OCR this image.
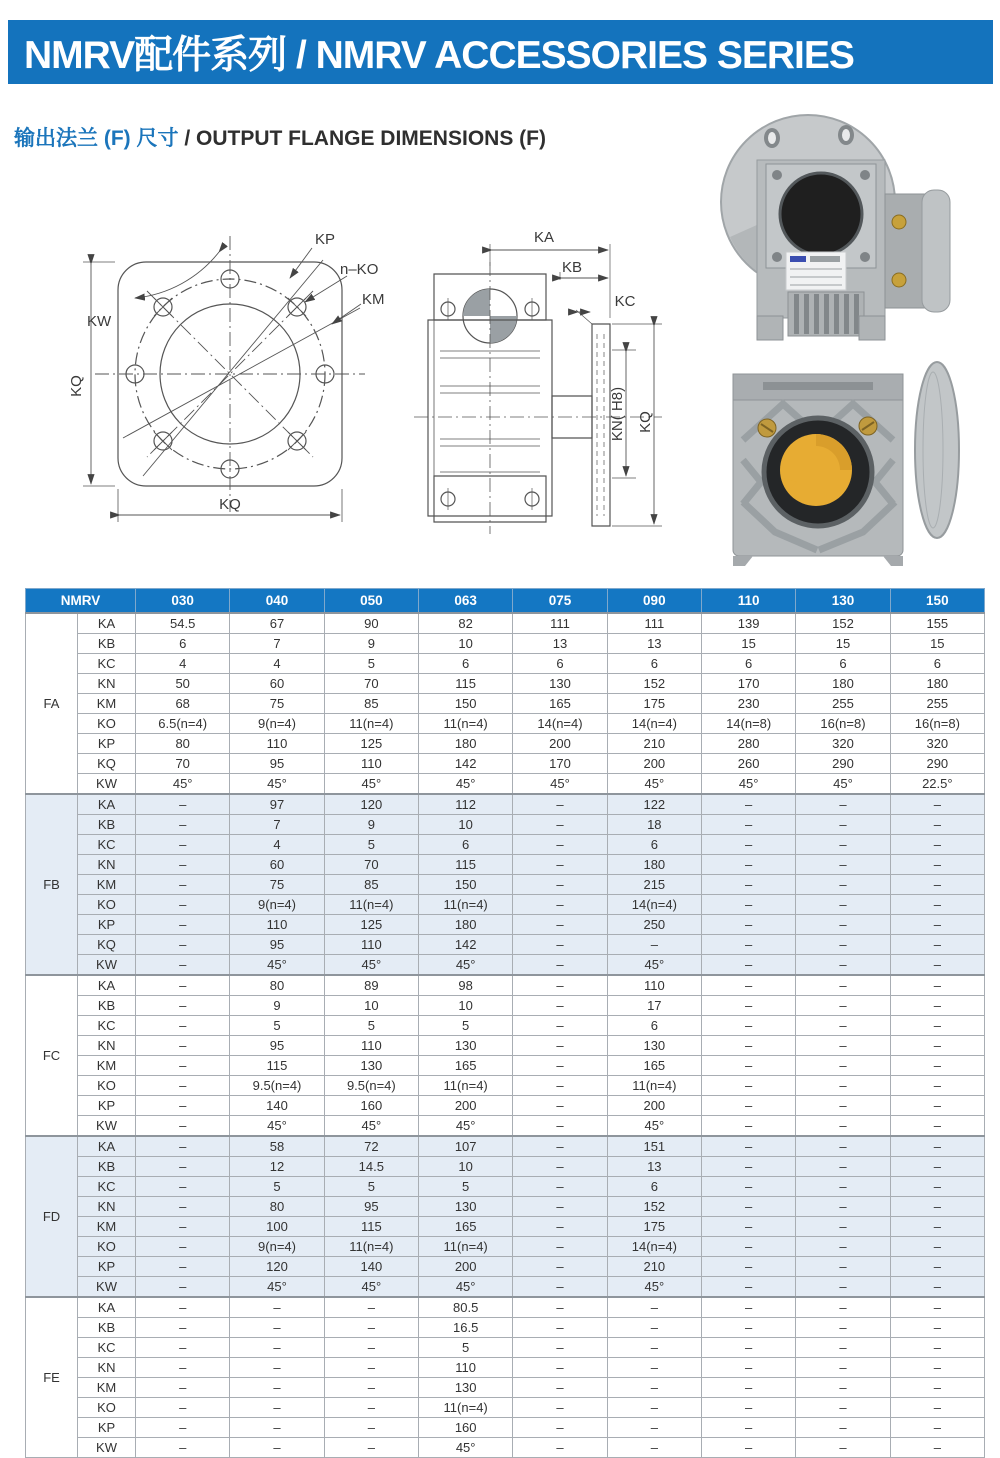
NMRV配件系列 / NMRV ACCESSORIES SERIES
输出法兰 (F) 尺寸 / OUTPUT FLANGE DIMENSIONS (F)
KP
n–KO
KM
KW
KQ
KQ
KA
KB
KC
KN( H8) KQ
NMRV		030	040	050	063	075	090	110	130	150
FA	KA	54.5	67	90	82	111	111	139	152	155
	KB	6	7	9	10	13	13	15	15	15
	KC	4	4	5	6	6	6	6	6	6
	KN	50	60	70	115	130	152	170	180	180
	KM	68	75	85	150	165	175	230	255	255
	KO	6.5(n=4)	9(n=4)	11(n=4)	11(n=4)	14(n=4)	14(n=4)	14(n=8)	16(n=8)	16(n=8)
	KP	80	110	125	180	200	210	280	320	320
	KQ	70	95	110	142	170	200	260	290	290
	KW	45°	45°	45°	45°	45°	45°	45°	45°	22.5°
FB	KA	–	97	120	112	–	122	–	–	–
	KB	–	7	9	10	–	18	–	–	–
	KC	–	4	5	6	–	6	–	–	–
	KN	–	60	70	115	–	180	–	–	–
	KM	–	75	85	150	–	215	–	–	–
	KO	–	9(n=4)	11(n=4)	11(n=4)	–	14(n=4)	–	–	–
	KP	–	110	125	180	–	250	–	–	–
	KQ	–	95	110	142	–	–	–	–	–
	KW	–	45°	45°	45°	–	45°	–	–	–
FC	KA	–	80	89	98	–	110	–	–	–
	KB	–	9	10	10	–	17	–	–	–
	KC	–	5	5	5	–	6	–	–	–
	KN	–	95	110	130	–	130	–	–	–
	KM	–	115	130	165	–	165	–	–	–
	KO	–	9.5(n=4)	9.5(n=4)	11(n=4)	–	11(n=4)	–	–	–
	KP	–	140	160	200	–	200	–	–	–
	KW	–	45°	45°	45°	–	45°	–	–	–
FD	KA	–	58	72	107	–	151	–	–	–
	KB	–	12	14.5	10	–	13	–	–	–
	KC	–	5	5	5	–	6	–	–	–
	KN	–	80	95	130	–	152	–	–	–
	KM	–	100	115	165	–	175	–	–	–
	KO	–	9(n=4)	11(n=4)	11(n=4)	–	14(n=4)	–	–	–
	KP	–	120	140	200	–	210	–	–	–
	KW	–	45°	45°	45°	–	45°	–	–	–
FE	KA	–	–	–	80.5	–	–	–	–	–
	KB	–	–	–	16.5	–	–	–	–	–
	KC	–	–	–	5	–	–	–	–	–
	KN	–	–	–	110	–	–	–	–	–
	KM	–	–	–	130	–	–	–	–	–
	KO	–	–	–	11(n=4)	–	–	–	–	–
	KP	–	–	–	160	–	–	–	–	–
	KW	–	–	–	45°	–	–	–	–	–
